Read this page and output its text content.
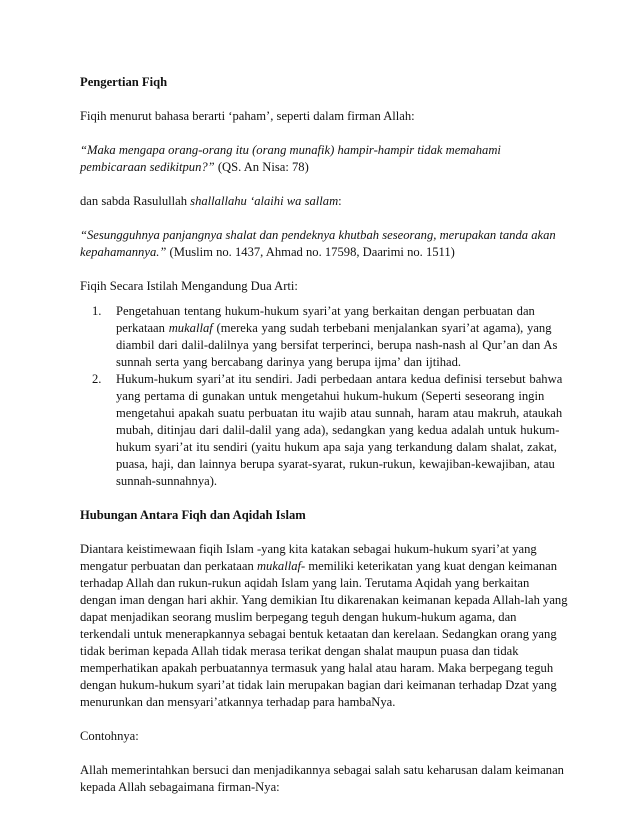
Pengertian Fiqh

Fiqih menurut bahasa berarti ‘paham’, seperti dalam firman Allah:

“Maka mengapa orang-orang itu (orang munafik) hampir-hampir tidak memahami pembicaraan sedikitpun?” (QS. An Nisa: 78)

dan sabda Rasulullah shallallahu ‘alaihi wa sallam:

“Sesungguhnya panjangnya shalat dan pendeknya khutbah seseorang, merupakan tanda akan kepahamannya.” (Muslim no. 1437, Ahmad no. 17598, Daarimi no. 1511)

Fiqih Secara Istilah Mengandung Dua Arti:

1. Pengetahuan tentang hukum-hukum syari’at yang berkaitan dengan perbuatan dan perkataan mukallaf (mereka yang sudah terbebani menjalankan syari’at agama), yang diambil dari dalil-dalilnya yang bersifat terperinci, berupa nash-nash al Qur’an dan As sunnah serta yang bercabang darinya yang berupa ijma’ dan ijtihad.
2. Hukum-hukum syari’at itu sendiri. Jadi perbedaan antara kedua definisi tersebut bahwa yang pertama di gunakan untuk mengetahui hukum-hukum (Seperti seseorang ingin mengetahui apakah suatu perbuatan itu wajib atau sunnah, haram atau makruh, ataukah mubah, ditinjau dari dalil-dalil yang ada), sedangkan yang kedua adalah untuk hukum-hukum syari’at itu sendiri (yaitu hukum apa saja yang terkandung dalam shalat, zakat, puasa, haji, dan lainnya berupa syarat-syarat, rukun-rukun, kewajiban-kewajiban, atau sunnah-sunnahnya).

Hubungan Antara Fiqh dan Aqidah Islam

Diantara keistimewaan fiqih Islam -yang kita katakan sebagai hukum-hukum syari’at yang mengatur perbuatan dan perkataan mukallaf- memiliki keterikatan yang kuat dengan keimanan terhadap Allah dan rukun-rukun aqidah Islam yang lain. Terutama Aqidah yang berkaitan dengan iman dengan hari akhir. Yang demikian Itu dikarenakan keimanan kepada Allah-lah yang dapat menjadikan seorang muslim berpegang teguh dengan hukum-hukum agama, dan terkendali untuk menerapkannya sebagai bentuk ketaatan dan kerelaan. Sedangkan orang yang tidak beriman kepada Allah tidak merasa terikat dengan shalat maupun puasa dan tidak memperhatikan apakah perbuatannya termasuk yang halal atau haram. Maka berpegang teguh dengan hukum-hukum syari’at tidak lain merupakan bagian dari keimanan terhadap Dzat yang menurunkan dan mensyari’atkannya terhadap para hambaNya.

Contohnya:

Allah memerintahkan bersuci dan menjadikannya sebagai salah satu keharusan dalam keimanan kepada Allah sebagaimana firman-Nya:
